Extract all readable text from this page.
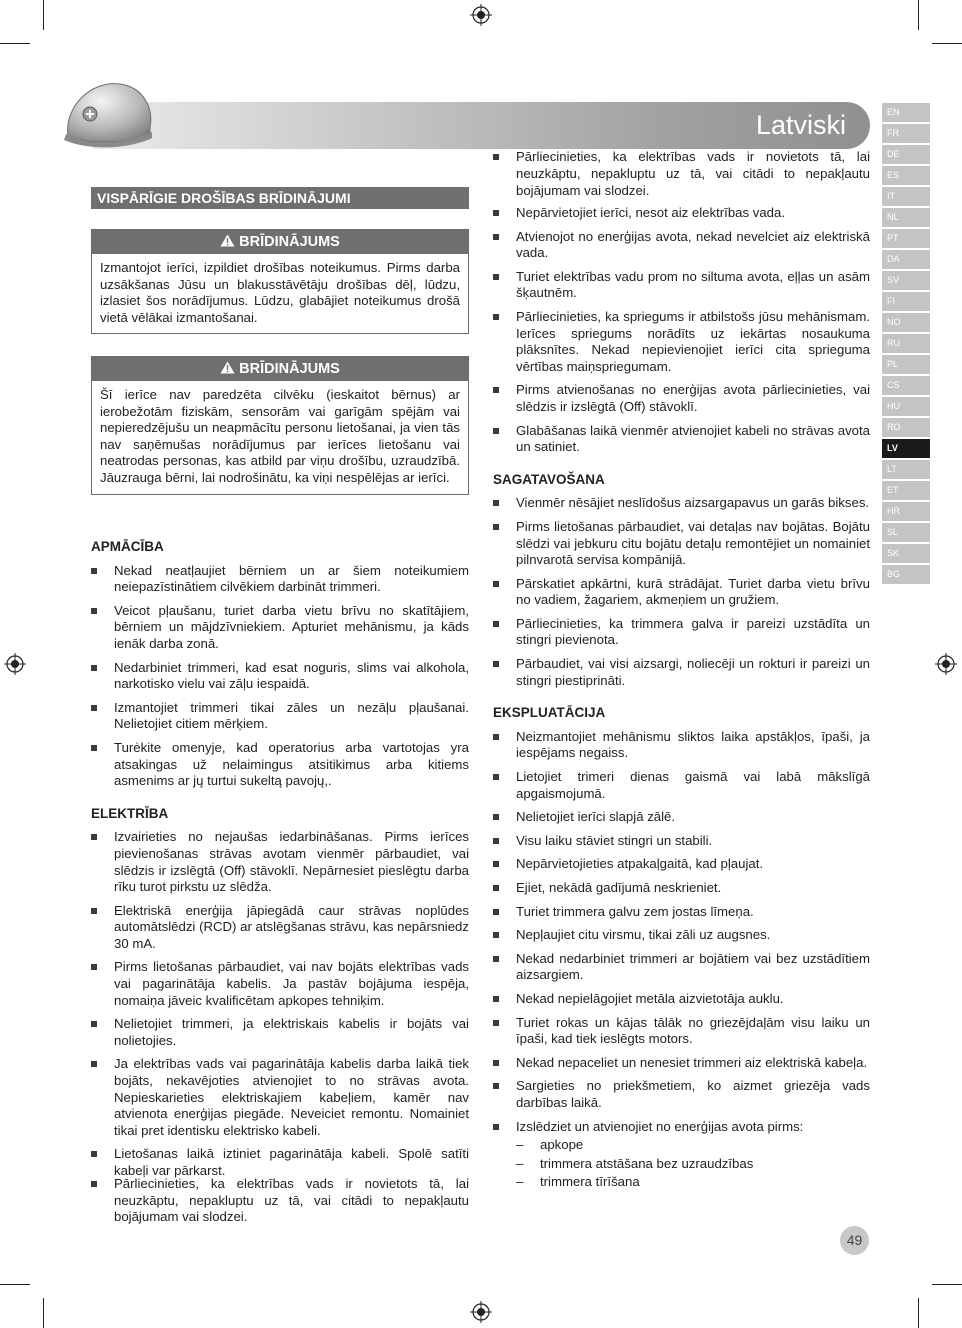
Latviski	EN
FR
DE
ES
IT
NL
PT
DA
SV
FI
NO
RU
PL
CS
HU
RO
LV
LT
ET
HR
SL
SK
BG
VISPĀRĪGIE DROŠĪBAS BRĪDINĀJUMI
BRĪDINĀJUMS
Izmantojot ierīci, izpildiet drošības noteikumus. Pirms darba uzsākšanas Jūsu un blakusstāvētāju drošības dēļ, lūdzu, izlasiet šos norādījumus. Lūdzu, glabājiet noteikumus drošā vietā vēlākai izmantošanai.
BRĪDINĀJUMS
Šī ierīce nav paredzēta cilvēku (ieskaitot bērnus) ar ierobežotām fiziskām, sensorām vai garīgām spējām vai nepieredzējušu un neapmācītu personu lietošanai, ja vien tās nav saņēmušas norādījumus par ierīces lietošanu vai neatrodas personas, kas atbild par viņu drošību, uzraudzībā. Jāuzrauga bērni, lai nodrošinātu, ka viņi nespēlējas ar ierīci.
APMĀCĪBA
Nekad neatļaujiet bērniem un ar šiem noteikumiem neiepazīstinātiem cilvēkiem darbināt trimmeri.
Veicot pļaušanu, turiet darba vietu brīvu no skatītājiem, bērniem un mājdzīvniekiem. Apturiet mehānismu, ja kāds ienāk darba zonā.
Nedarbiniet trimmeri, kad esat noguris, slims vai alkohola, narkotisko vielu vai zāļu iespaidā.
Izmantojiet trimmeri tikai zāles un nezāļu pļaušanai. Nelietojiet citiem mērķiem.
Turėkite omenyje, kad operatorius arba vartotojas yra atsakingas už nelaimingus atsitikimus arba kitiems asmenims ar jų turtui sukeltą pavojų,.
ELEKTRĪBA
Izvairieties no nejaušas iedarbināšanas. Pirms ierīces pievienošanas strāvas avotam vienmēr pārbaudiet, vai slēdzis ir izslēgtā (Off) stāvoklī. Nepārnesiet pieslēgtu darba rīku turot pirkstu uz slēdža.
Elektriskā enerģija jāpiegādā caur strāvas noplūdes automātslēdzi (RCD) ar atslēgšanas strāvu, kas nepārsniedz 30 mA.
Pirms lietošanas pārbaudiet, vai nav bojāts elektrības vads vai pagarinātāja kabelis. Ja pastāv bojājuma iespēja, nomaiņa jāveic kvalificētam apkopes tehniķim.
Nelietojiet trimmeri, ja elektriskais kabelis ir bojāts vai nolietojies.
Ja elektrības vads vai pagarinātāja kabelis darba laikā tiek bojāts, nekavējoties atvienojiet to no strāvas avota. Nepieskarieties elektriskajiem kabeļiem, kamēr nav atvienota enerģijas piegāde. Neveiciet remontu. Nomainiet tikai pret identisku elektrisko kabeli.
Lietošanas laikā iztiniet pagarinātāja kabeli. Spolē satīti kabeļi var pārkarst.
Pārliecinieties, ka elektrības vads ir novietots tā, lai neuzkāptu, nepakluptu uz tā, vai citādi to nepakļautu bojājumam vai slodzei.
Pārliecinieties, ka elektrības vads ir novietots tā, lai neuzkāptu, nepakluptu uz tā, vai citādi to nepakļautu bojājumam vai slodzei.
Nepārvietojiet ierīci, nesot aiz elektrības vada.
Atvienojot no enerģijas avota, nekad nevelciet aiz elektriskā vada.
Turiet elektrības vadu prom no siltuma avota, eļļas un asām šķautnēm.
Pārliecinieties, ka spriegums ir atbilstošs jūsu mehānismam. Ierīces spriegums norādīts uz iekārtas nosaukuma plāksnītes. Nekad nepievienojiet ierīci cita sprieguma vērtības maiņspriegumam.
Pirms atvienošanas no enerģijas avota pārliecinieties, vai slēdzis ir izslēgtā (Off) stāvoklī.
Glabāšanas laikā vienmēr atvienojiet kabeli no strāvas avota un satiniet.
SAGATAVOŠANA
Vienmēr nēsājiet neslīdošus aizsargapavus un garās bikses.
Pirms lietošanas pārbaudiet, vai detaļas nav bojātas. Bojātu slēdzi vai jebkuru citu bojātu detaļu remontējiet un nomainiet pilnvarotā servisa kompānijā.
Pārskatiet apkārtni, kurā strādājat. Turiet darba vietu brīvu no vadiem, žagariem, akmeņiem un gružiem.
Pārliecinieties, ka trimmera galva ir pareizi uzstādīta un stingri pievienota.
Pārbaudiet, vai visi aizsargi, noliecēji un rokturi ir pareizi un stingri piestiprināti.
EKSPLUATĀCIJA
Neizmantojiet mehānismu sliktos laika apstākļos, īpaši, ja iespējams negaiss.
Lietojiet trimeri dienas gaismā vai labā mākslīgā apgaismojumā.
Nelietojiet ierīci slapjā zālē.
Visu laiku stāviet stingri un stabili.
Nepārvietojieties atpakaļgaitā, kad pļaujat.
Ejiet, nekādā gadījumā neskrieniet.
Turiet trimmera galvu zem jostas līmeņa.
Nepļaujiet citu virsmu, tikai zāli uz augsnes.
Nekad nedarbiniet trimmeri ar bojātiem vai bez uzstādītiem aizsargiem.
Nekad nepielāgojiet metāla aizvietotāja auklu.
Turiet rokas un kājas tālāk no griezējdaļām visu laiku un īpaši, kad tiek ieslēgts motors.
Nekad nepaceliet un nenesiet trimmeri aiz elektriskā kabeļa.
Sargieties no priekšmetiem, ko aizmet griezēja vads darbības laikā.
Izslēdziet un atvienojiet no enerģijas avota pirms:
– apkope
– trimmera atstāšana bez uzraudzības
– trimmera tīrīšana
49
